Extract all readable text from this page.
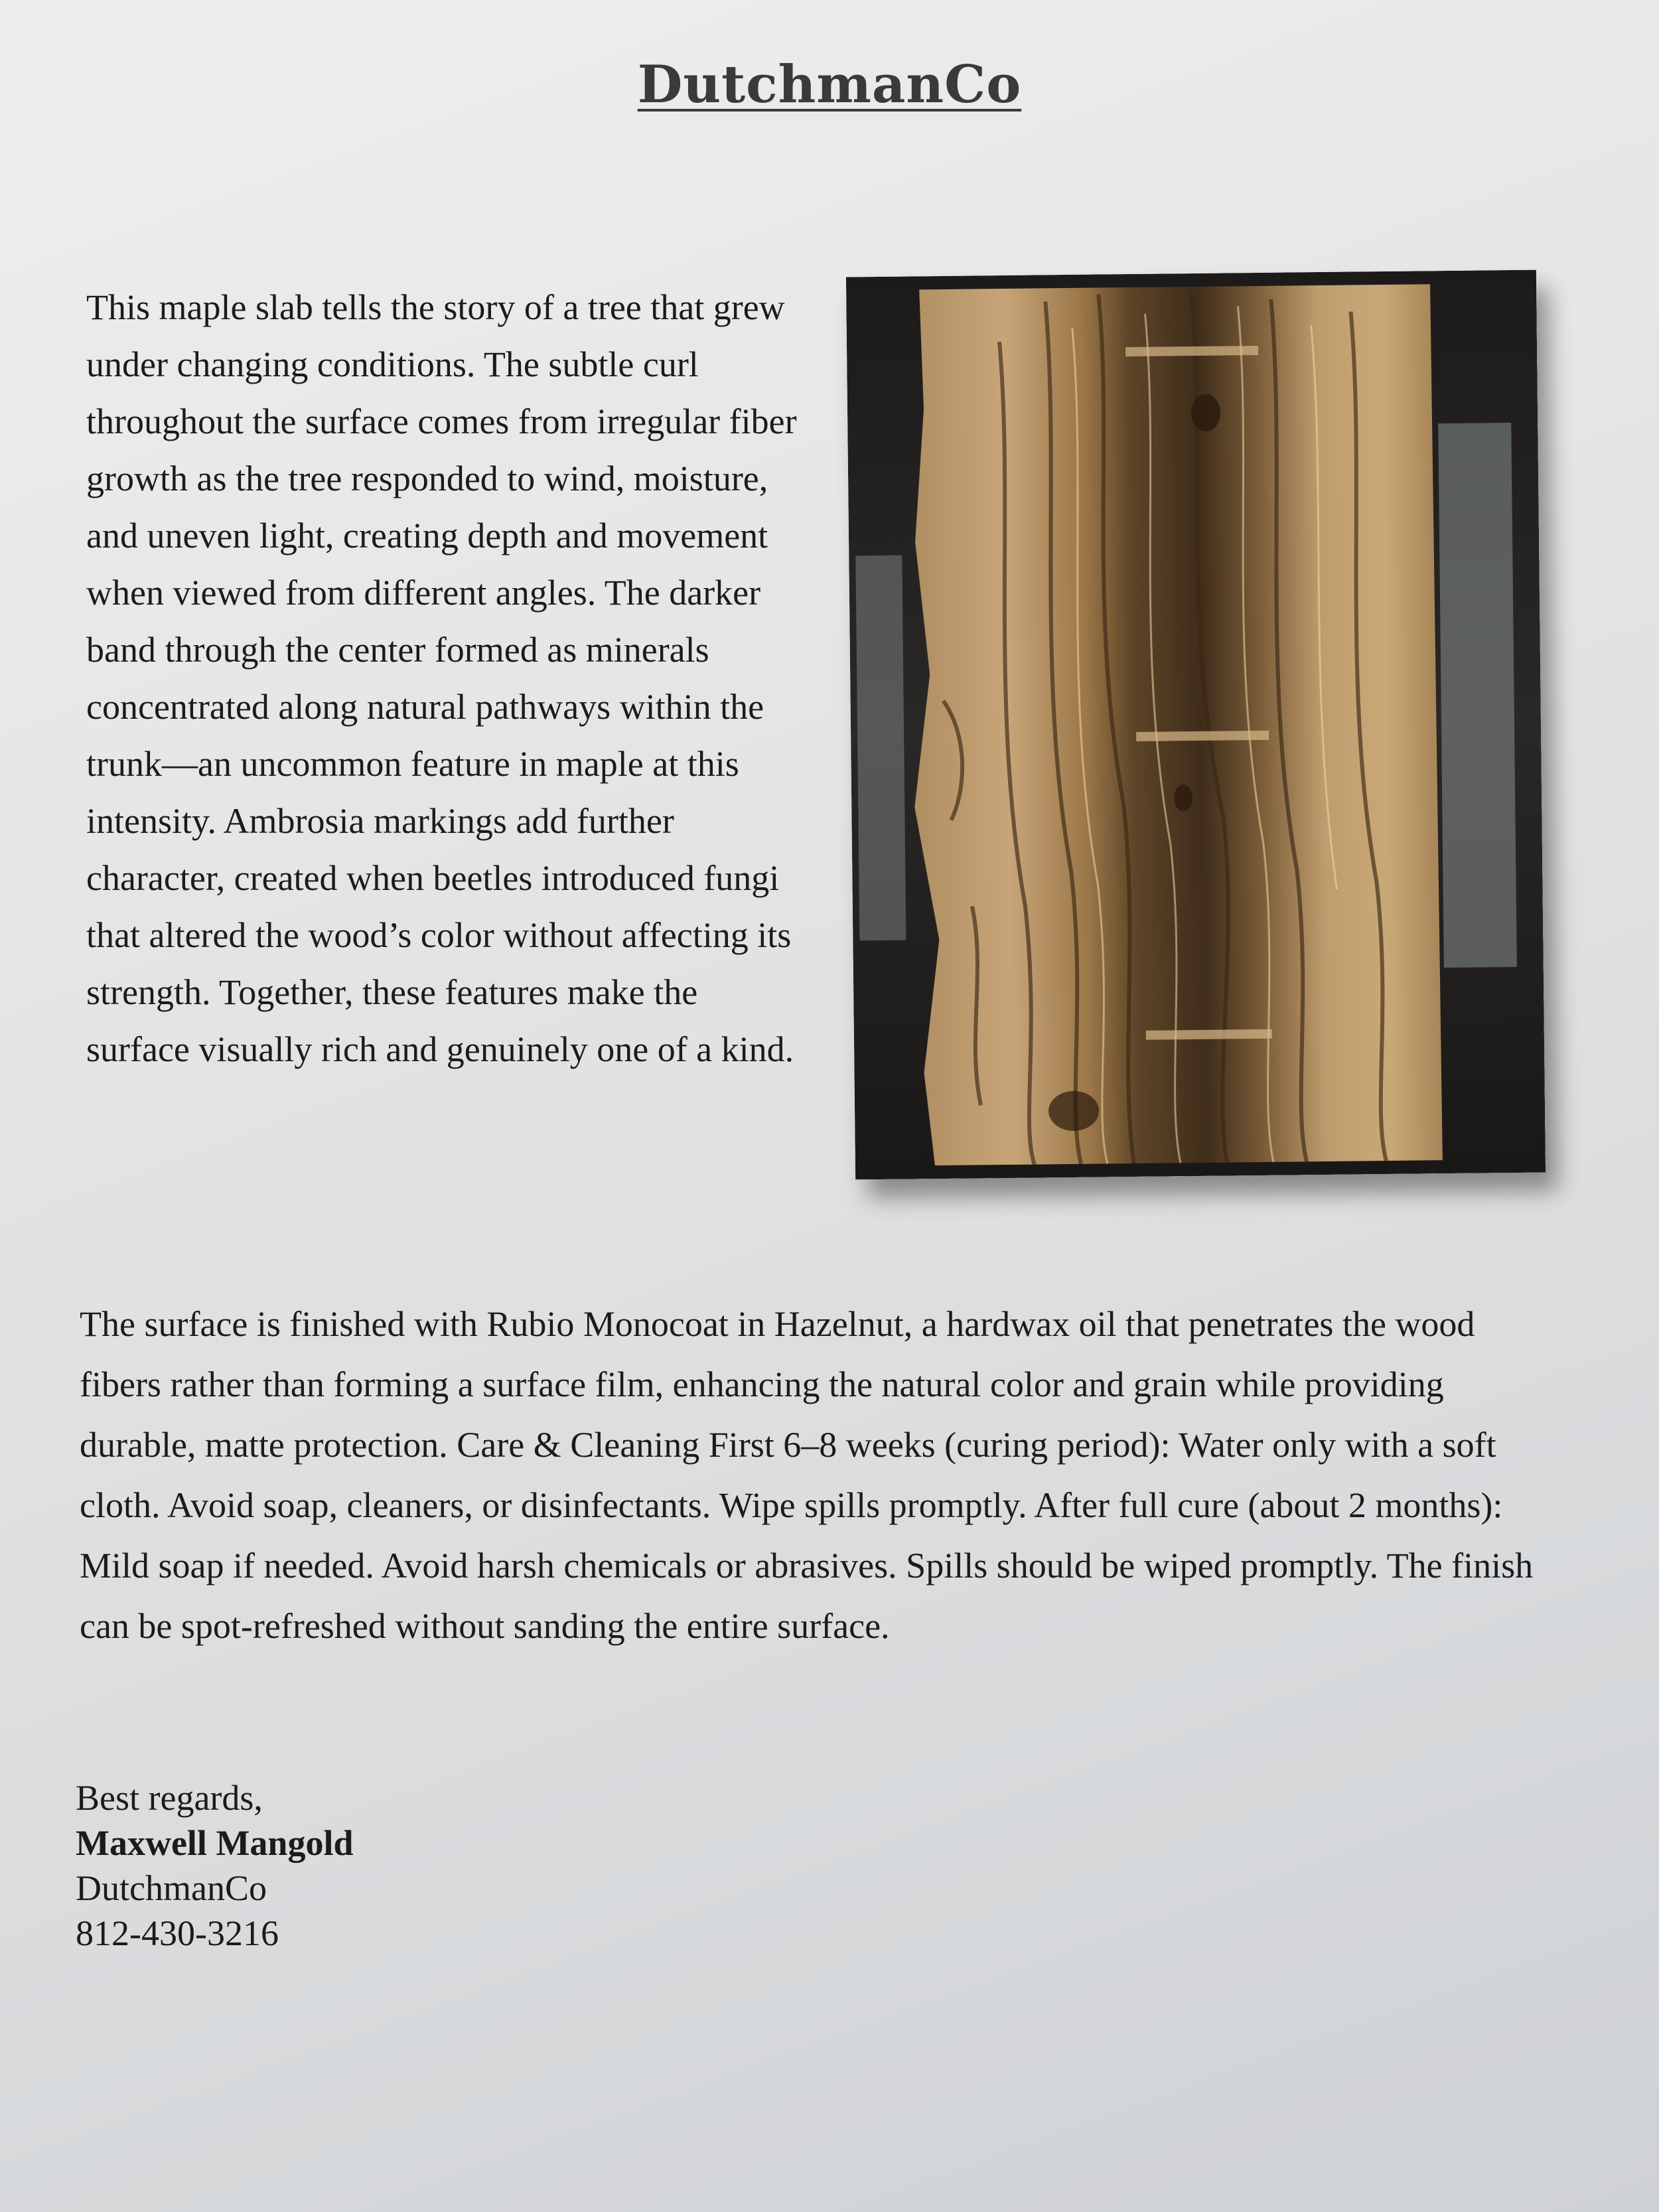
DutchmanCo

This maple slab tells the story of a tree that grew under changing conditions. The subtle curl throughout the surface comes from irregular fiber growth as the tree responded to wind, moisture, and uneven light, creating depth and movement when viewed from different angles. The darker band through the center formed as minerals concentrated along natural pathways within the trunk—an uncommon feature in maple at this intensity. Ambrosia markings add further character, created when beetles introduced fungi that altered the wood’s color without affecting its strength. Together, these features make the surface visually rich and genuinely one of a kind.

The surface is finished with Rubio Monocoat in Hazelnut, a hardwax oil that penetrates the wood fibers rather than forming a surface film, enhancing the natural color and grain while providing durable, matte protection. Care & Cleaning First 6–8 weeks (curing period): Water only with a soft cloth. Avoid soap, cleaners, or disinfectants. Wipe spills promptly. After full cure (about 2 months): Mild soap if needed. Avoid harsh chemicals or abrasives. Spills should be wiped promptly. The finish can be spot-refreshed without sanding the entire surface.

Best regards,
Maxwell Mangold
DutchmanCo
812-430-3216
